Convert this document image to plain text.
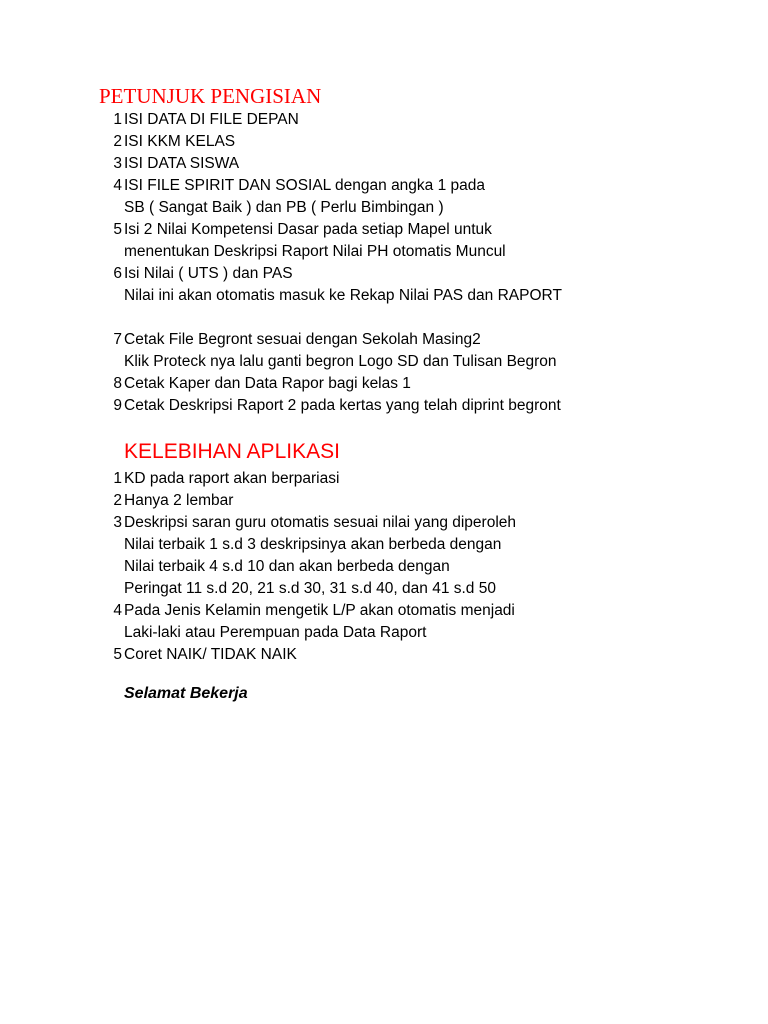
PETUNJUK PENGISIAN
1 ISI DATA DI FILE DEPAN
2 ISI KKM KELAS
3 ISI DATA SISWA
4 ISI FILE SPIRIT DAN SOSIAL dengan angka 1 pada
SB ( Sangat Baik ) dan PB ( Perlu Bimbingan )
5 Isi 2 Nilai Kompetensi Dasar pada setiap Mapel untuk
menentukan Deskripsi Raport Nilai PH otomatis Muncul
6 Isi Nilai ( UTS ) dan PAS
Nilai ini akan otomatis masuk ke Rekap Nilai PAS dan RAPORT
7 Cetak File Begront sesuai dengan Sekolah Masing2
Klik Proteck nya lalu ganti begron Logo SD dan Tulisan Begron
8 Cetak Kaper dan Data Rapor bagi kelas 1
9 Cetak Deskripsi Raport 2 pada kertas yang telah diprint begront
KELEBIHAN APLIKASI
1 KD pada raport akan berpariasi
2 Hanya 2 lembar
3 Deskripsi saran guru otomatis sesuai nilai yang diperoleh
Nilai terbaik 1 s.d 3 deskripsinya akan berbeda dengan
Nilai terbaik 4 s.d 10 dan akan berbeda dengan
Peringat 11 s.d 20, 21 s.d 30, 31 s.d 40, dan 41 s.d 50
4 Pada Jenis Kelamin mengetik L/P akan otomatis menjadi
Laki-laki atau Perempuan pada Data Raport
5 Coret NAIK/ TIDAK NAIK
Selamat Bekerja
